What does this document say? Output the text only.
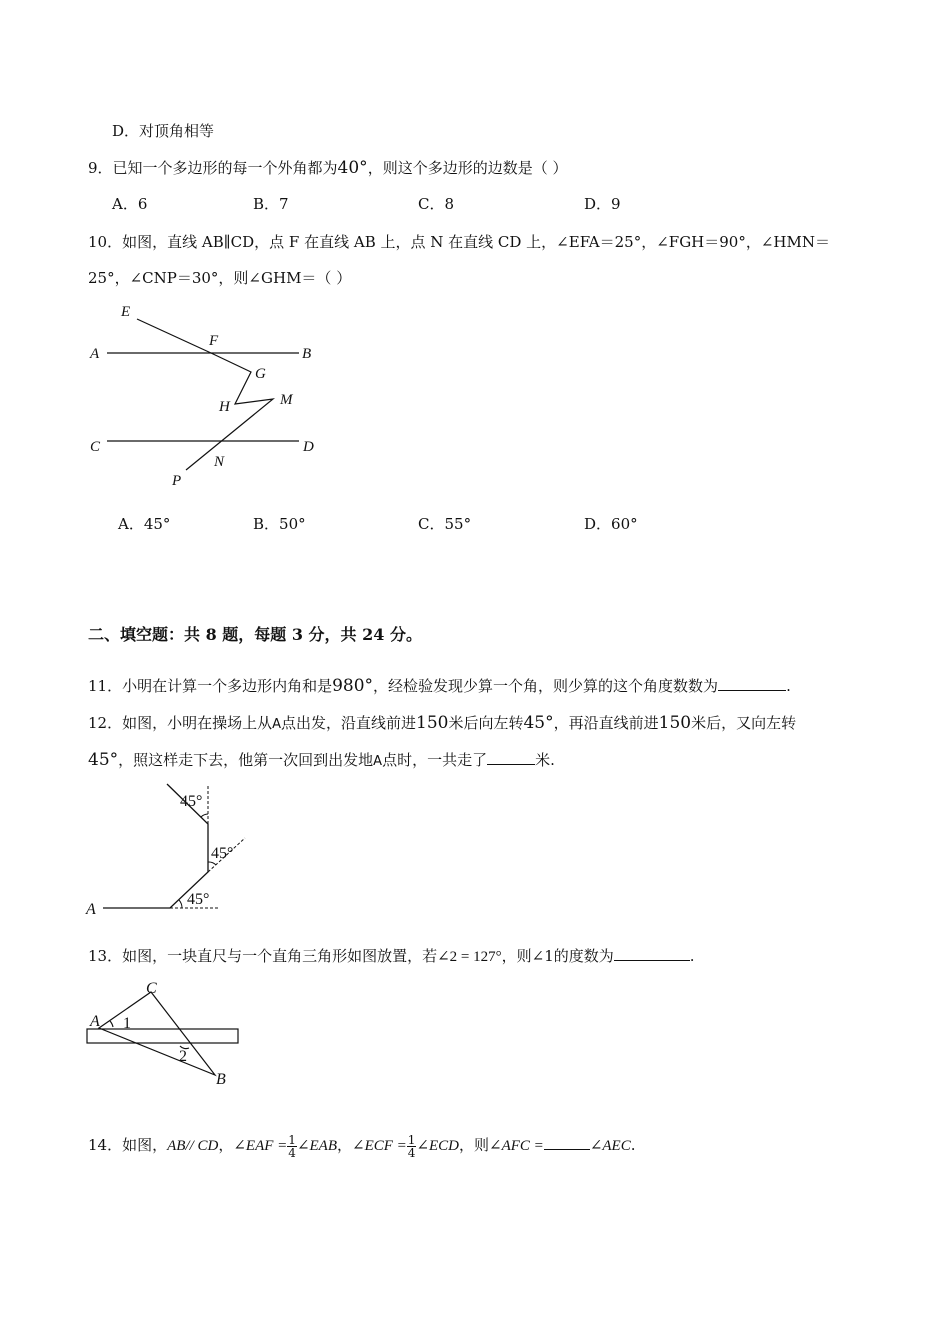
D．对顶角相等
9．已知一个多边形的每一个外角都为40°，则这个多边形的边数是（ ）
A．6	B．7	C．8	D．9
10．如图，直线 AB∥CD，点 F 在直线 AB 上，点 N 在直线 CD 上，∠EFA＝25°，∠FGH＝90°，∠HMN＝
25°，∠CNP＝30°，则∠GHM＝（ ）
E
F
A	B
G
H	M
C	D
N
P
A．45°	B．50°	C．55°	D．60°
二、填空题：共 8 题，每题 3 分，共 24 分。
11．小明在计算一个多边形内角和是980°，经检验发现少算一个角，则少算的这个角度数数为	.
12．如图，小明在操场上从A点出发，沿直线前进150米后向左转45°，再沿直线前进150米后，又向左转
45°，照这样走下去，他第一次回到出发地A点时，一共走了	米.
45°
45°
45°
A
13．如图，一块直尺与一个直角三角形如图放置，若∠2 = 127°，则∠1的度数为	.
C
A 1
2
B
14．如图，AB// CD，∠EAF = $\frac{1}{4}$ ∠EAB，∠ECF = $\frac{1}{4}$ ∠ECD，则∠AFC =	∠AEC.
